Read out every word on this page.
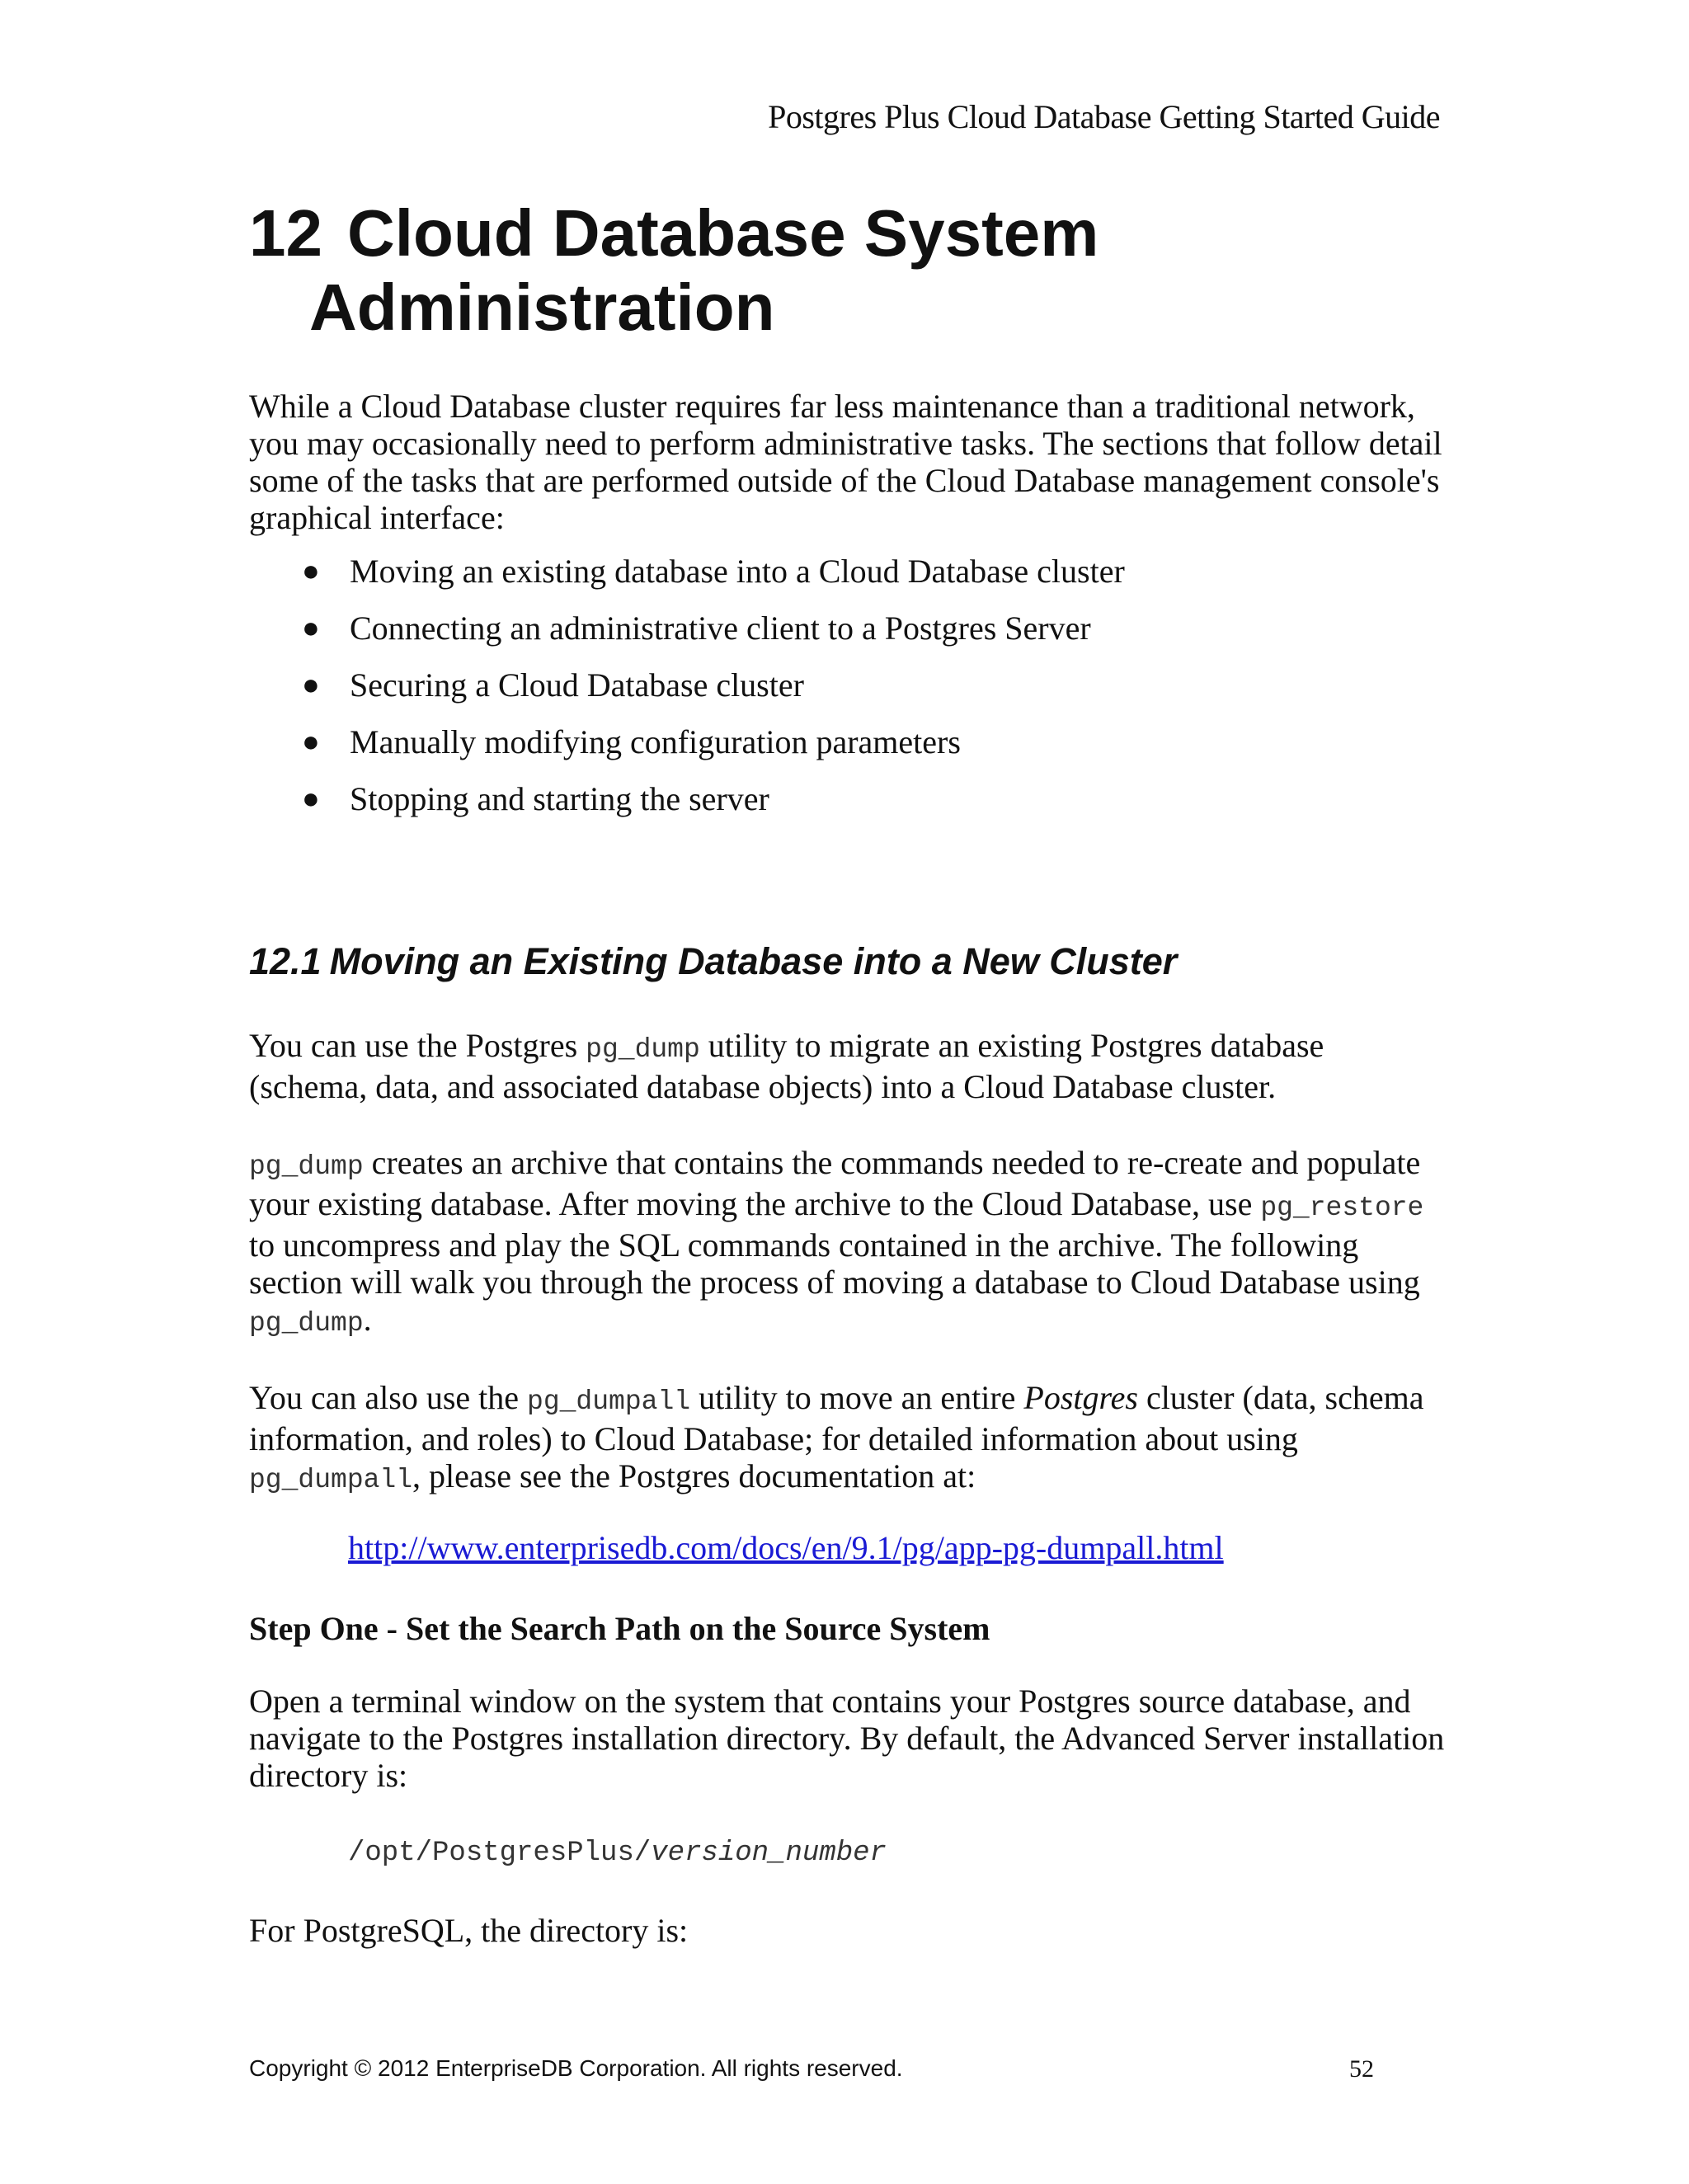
Postgres Plus Cloud Database Getting Started Guide
12 Cloud Database System
Administration

While a Cloud Database cluster requires far less maintenance than a traditional network, you may occasionally need to perform administrative tasks. The sections that follow detail some of the tasks that are performed outside of the Cloud Database management console's graphical interface:

● Moving an existing database into a Cloud Database cluster
● Connecting an administrative client to a Postgres Server
● Securing a Cloud Database cluster
● Manually modifying configuration parameters
● Stopping and starting the server
12.1 Moving an Existing Database into a New Cluster

You can use the Postgres pg_dump utility to migrate an existing Postgres database (schema, data, and associated database objects) into a Cloud Database cluster.

pg_dump creates an archive that contains the commands needed to re-create and populate your existing database. After moving the archive to the Cloud Database, use pg_restore to uncompress and play the SQL commands contained in the archive. The following section will walk you through the process of moving a database to Cloud Database using pg_dump.

You can also use the pg_dumpall utility to move an entire Postgres cluster (data, schema information, and roles) to Cloud Database; for detailed information about using pg_dumpall, please see the Postgres documentation at:

http://www.enterprisedb.com/docs/en/9.1/pg/app-pg-dumpall.html
Step One - Set the Search Path on the Source System

Open a terminal window on the system that contains your Postgres source database, and navigate to the Postgres installation directory. By default, the Advanced Server installation directory is:

/opt/PostgresPlus/version_number

For PostgreSQL, the directory is:

Copyright © 2012 EnterpriseDB Corporation. All rights reserved.	52
